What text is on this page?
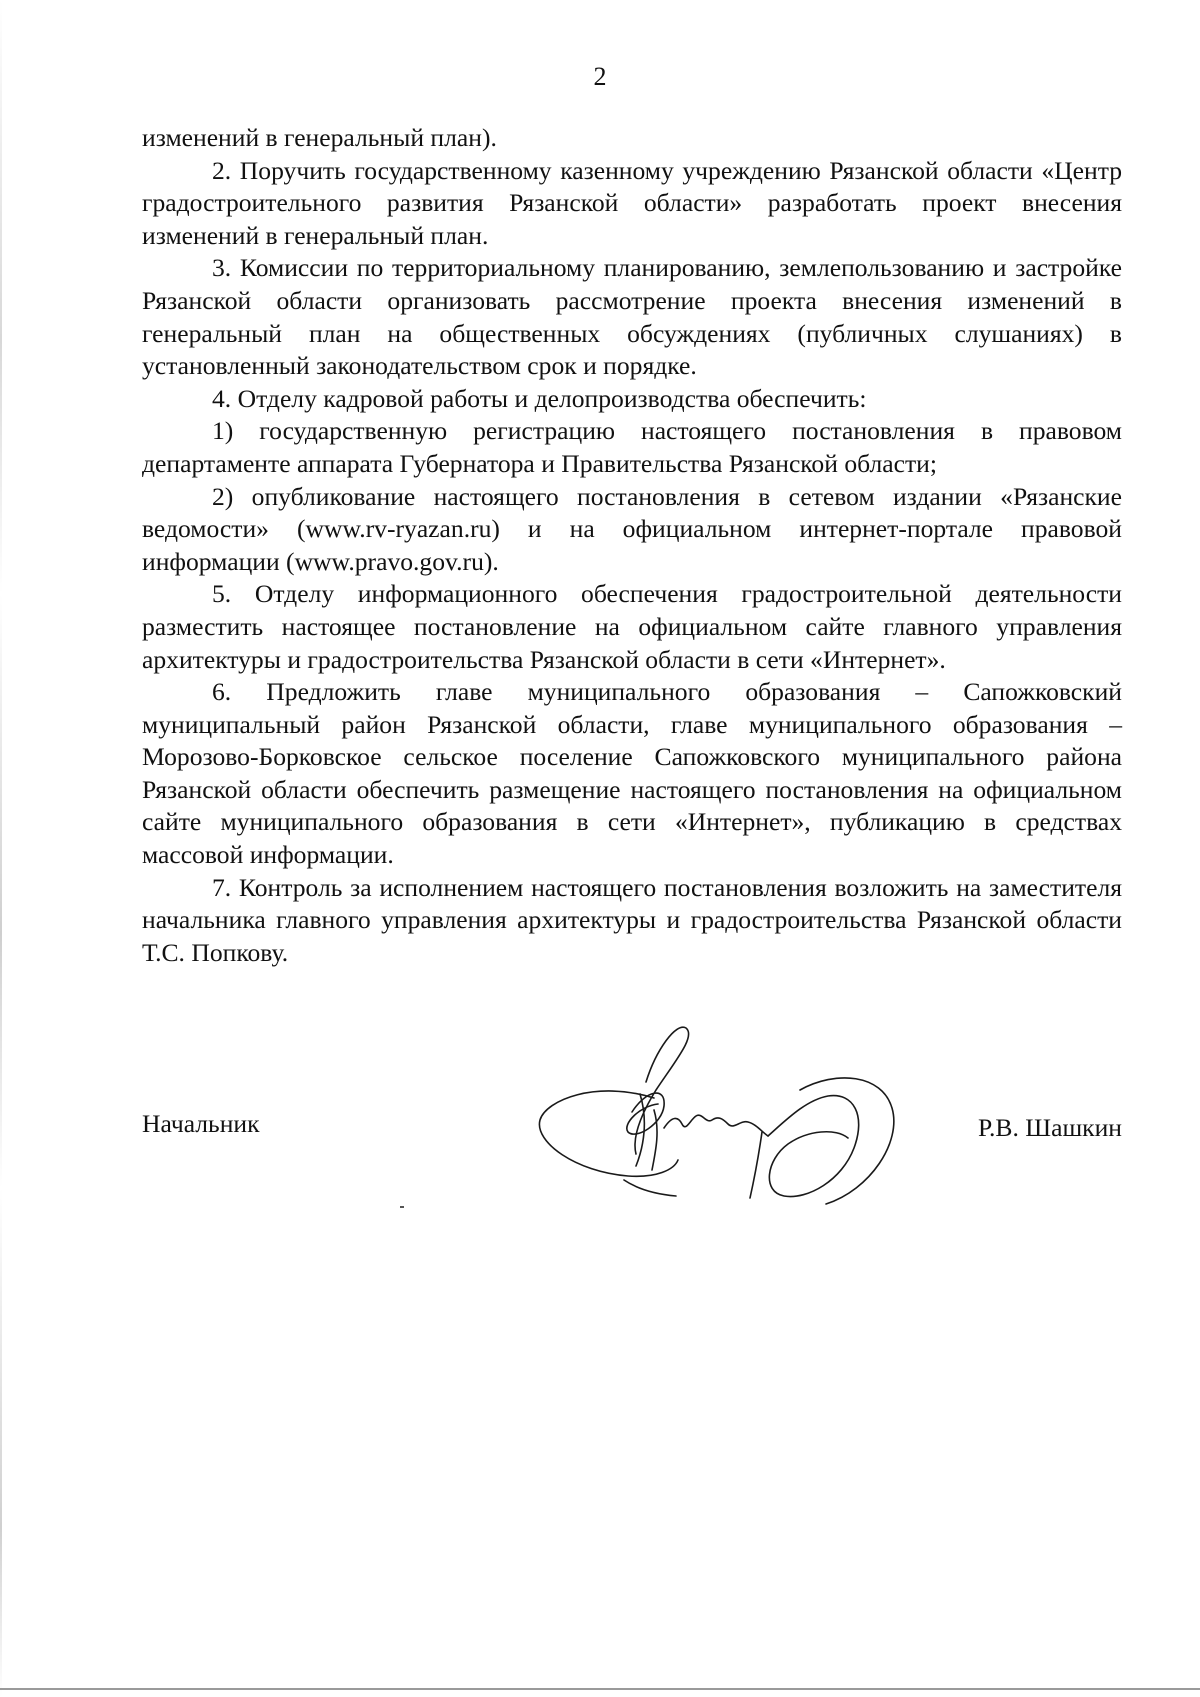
2

изменений в генеральный план).

2. Поручить государственному казенному учреждению Рязанской области «Центр градостроительного развития Рязанской области» разработать проект внесения изменений в генеральный план.

3. Комиссии по территориальному планированию, землепользованию и застройке Рязанской области организовать рассмотрение проекта внесения изменений в генеральный план на общественных обсуждениях (публичных слушаниях) в установленный законодательством срок и порядке.

4. Отделу кадровой работы и делопроизводства обеспечить:

1) государственную регистрацию настоящего постановления в правовом департаменте аппарата Губернатора и Правительства Рязанской области;

2) опубликование настоящего постановления в сетевом издании «Рязанские ведомости» (www.rv-ryazan.ru) и на официальном интернет-портале правовой информации (www.pravo.gov.ru).

5. Отделу информационного обеспечения градостроительной деятельности разместить настоящее постановление на официальном сайте главного управления архитектуры и градостроительства Рязанской области в сети «Интернет».

6. Предложить главе муниципального образования – Сапожковский муниципальный район Рязанской области, главе муниципального образования – Морозово-Борковское сельское поселение Сапожковского муниципального района Рязанской области обеспечить размещение настоящего постановления на официальном сайте муниципального образования в сети «Интернет», публикацию в средствах массовой информации.

7. Контроль за исполнением настоящего постановления возложить на заместителя начальника главного управления архитектуры и градостроительства Рязанской области Т.С. Попкову.

Начальник	Р.В. Шашкин
